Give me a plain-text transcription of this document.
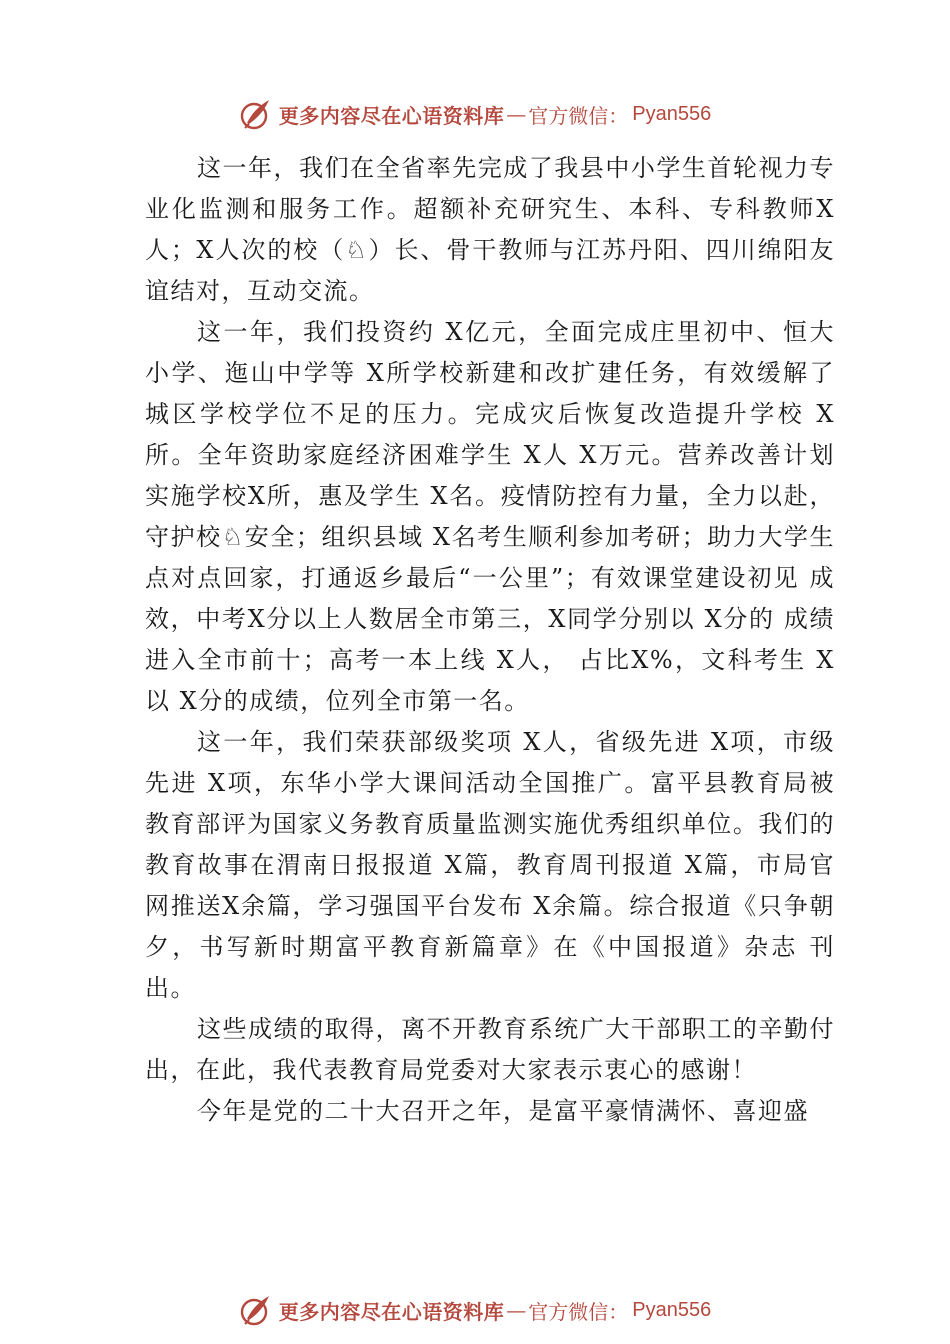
更多内容尽在心语资料库 — 官方微信： Pyan556

这一年，我们在全省率先完成了我县中小学生首轮视力专业化监测和服务工作。超额补充研究生、本科、专科教师X人；X人次的校（♘）长、骨干教师与江苏丹阳、四川绵阳友谊结对，互动交流。

这一年，我们投资约 X亿元，全面完成庄里初中、恒大小学、迤山中学等 X所学校新建和改扩建任务，有效缓解了城区学校学位不足的压力。完成灾后恢复改造提升学校 X所。全年资助家庭经济困难学生 X人 X万元。营养改善计划实施学校X所，惠及学生 X名。疫情防控有力量，全力以赴， 守护校♘安全；组织县域 X名考生顺利参加考研；助力大学生点对点回家，打通返乡最后“一公里”；有效课堂建设初见 成效，中考X分以上人数居全市第三，X同学分别以 X分的 成绩进入全市前十；高考一本上线 X人， 占比X%，文科考生 X以 X分的成绩，位列全市第一名。

这一年，我们荣获部级奖项 X人，省级先进 X项，市级先进 X项，东华小学大课间活动全国推广。富平县教育局被教育部评为国家义务教育质量监测实施优秀组织单位。我们的教育故事在渭南日报报道 X篇，教育周刊报道 X篇，市局官网推送X余篇，学习强国平台发布 X余篇。综合报道《只争朝夕，书写新时期富平教育新篇章》在《中国报道》杂志 刊出。

这些成绩的取得，离不开教育系统广大干部职工的辛勤付出，在此，我代表教育局党委对大家表示衷心的感谢！

今年是党的二十大召开之年，是富平豪情满怀、喜迎盛

更多内容尽在心语资料库 — 官方微信： Pyan556
